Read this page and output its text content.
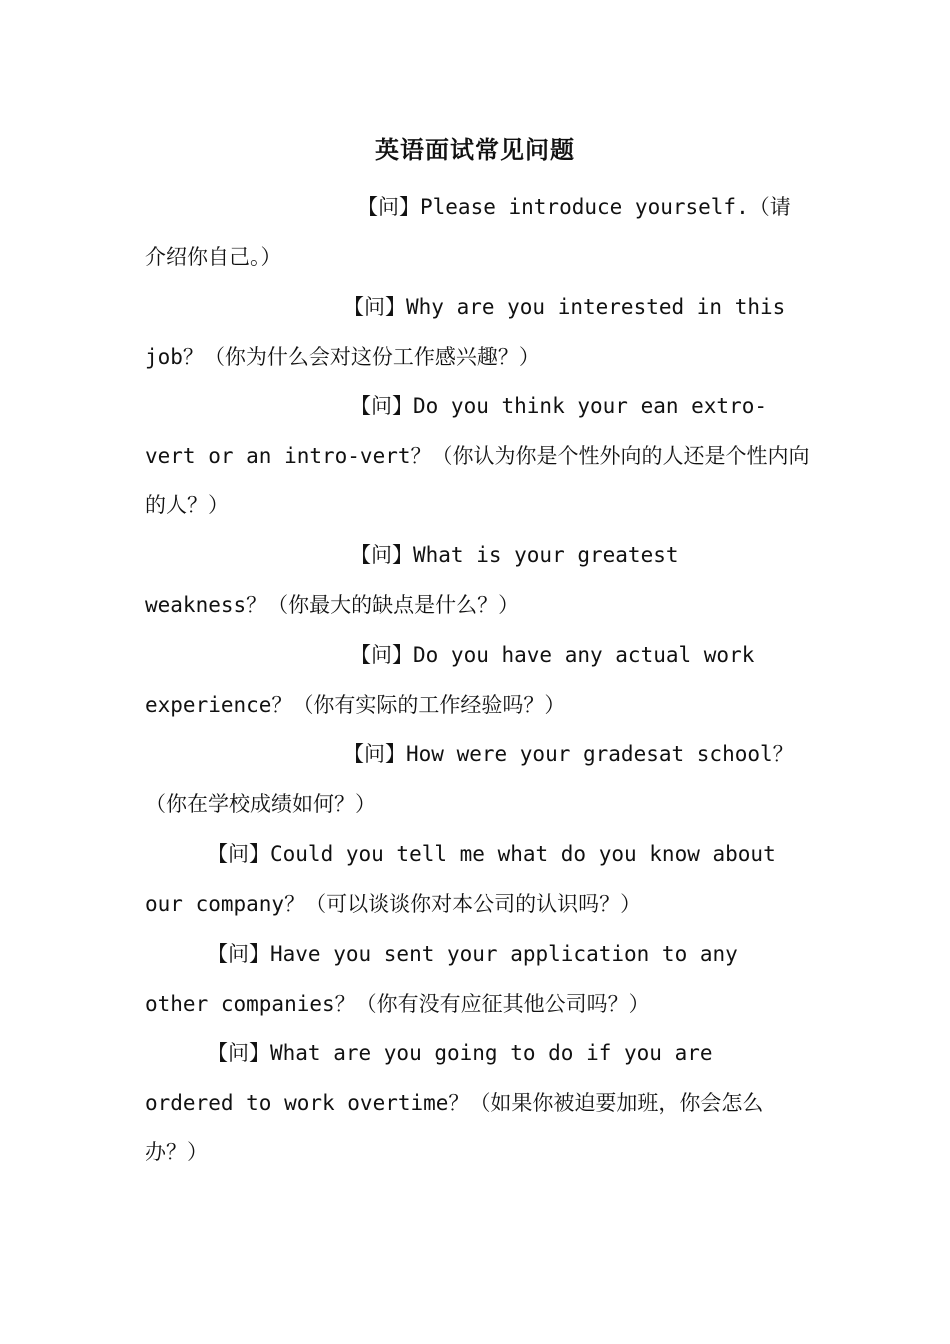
英语面试常见问题

【问】Please introduce yourself.（请介绍你自己。）

【问】Why are you interested in this job？（你为什么会对这份工作感兴趣？）

【问】Do you think your ean extro-vert or an intro-vert？（你认为你是个性外向的人还是个性内向的人？）

【问】What is your greatest weakness？（你最大的缺点是什么？）

【问】Do you have any actual work experience？（你有实际的工作经验吗？）

【问】How were your gradesat school？（你在学校成绩如何？）

【问】Could you tell me what do you know about our company？（可以谈谈你对本公司的认识吗？）

【问】Have you sent your application to any other companies？（你有没有应征其他公司吗？）

【问】What are you going to do if you are ordered to work overtime？（如果你被迫要加班，你会怎么办？）
